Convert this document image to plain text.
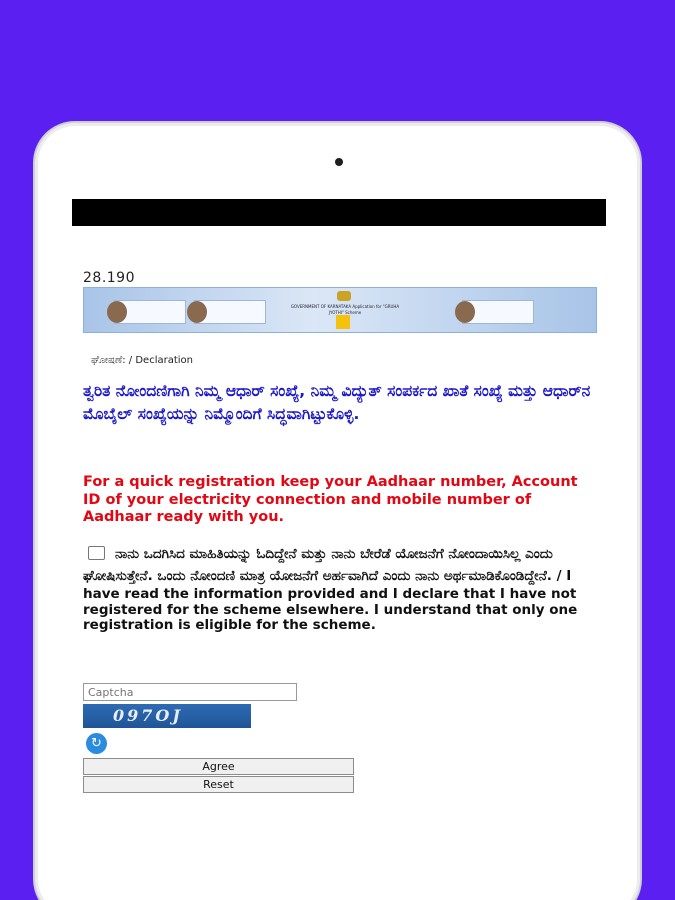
28.190
GOVERNMENT OF KARNATAKA Application for "GRUHA JYOTHI" Scheme
ಘೋಷಣೆ: / Declaration
ತ್ವರಿತ ನೋಂದಣಿಗಾಗಿ ನಿಮ್ಮ ಆಧಾರ್ ಸಂಖ್ಯೆ, ನಿಮ್ಮ ವಿದ್ಯುತ್ ಸಂಪರ್ಕದ ಖಾತೆ ಸಂಖ್ಯೆ ಮತ್ತು ಆಧಾರ್‌ನ ಮೊಬೈಲ್ ಸಂಖ್ಯೆಯನ್ನು ನಿಮ್ಮೊಂದಿಗೆ ಸಿದ್ಧವಾಗಿಟ್ಟುಕೊಳ್ಳಿ.
For a quick registration keep your Aadhaar number, Account ID of your electricity connection and mobile number of Aadhaar ready with you.
ನಾನು ಒದಗಿಸಿದ ಮಾಹಿತಿಯನ್ನು ಓದಿದ್ದೇನೆ ಮತ್ತು ನಾನು ಬೇರೆಡೆ ಯೋಜನೆಗೆ ನೋಂದಾಯಿಸಿಲ್ಲ ಎಂದು ಘೋಷಿಸುತ್ತೇನೆ. ಒಂದು ನೋಂದಣಿ ಮಾತ್ರ ಯೋಜನೆಗೆ ಅರ್ಹವಾಗಿದೆ ಎಂದು ನಾನು ಅರ್ಥಮಾಡಿಕೊಂಡಿದ್ದೇನೆ. / I
have read the information provided and I declare that I have not registered for the scheme elsewhere. I understand that only one registration is eligible for the scheme.
Captcha
097OJ
↻
Agree
Reset
